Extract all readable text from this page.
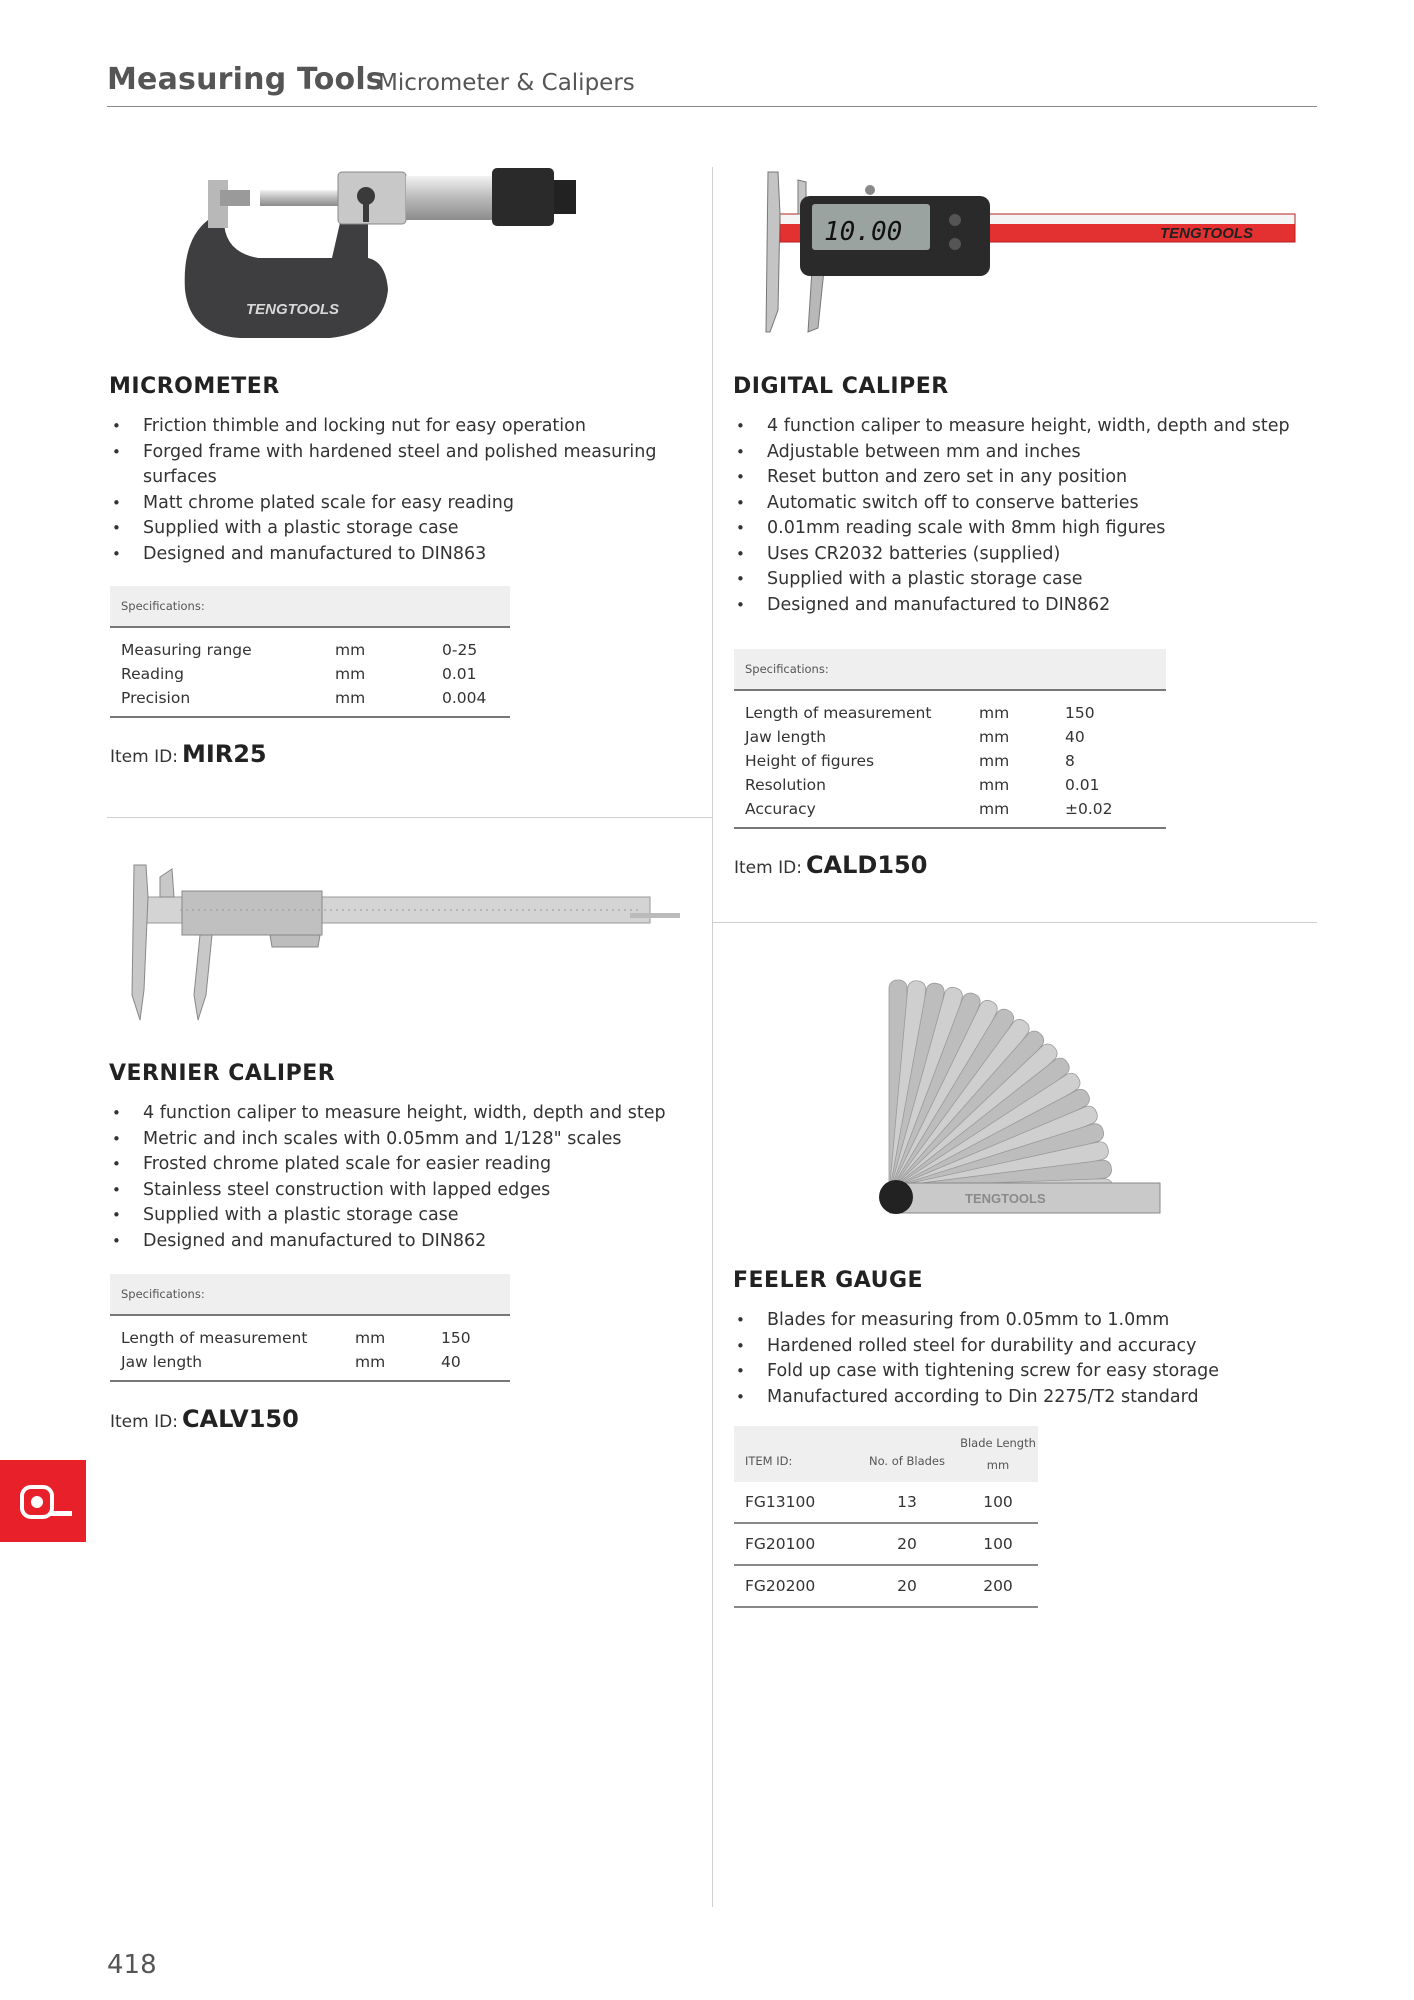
Measuring Tools
Micrometer & Calipers
TENGTOOLS
MICROMETER
• Friction thimble and locking nut for easy operation
• Forged frame with hardened steel and polished measuring surfaces
• Matt chrome plated scale for easy reading
• Supplied with a plastic storage case
• Designed and manufactured to DIN863
Specifications:		
Measuring range	mm	0-25
Reading	mm	0.01
Precision	mm	0.004
Item ID: MIR25
TENGTOOLS
10.00
DIGITAL CALIPER
• 4 function caliper to measure height, width, depth and step
• Adjustable between mm and inches
• Reset button and zero set in any position
• Automatic switch off to conserve batteries
• 0.01mm reading scale with 8mm high figures
• Uses CR2032 batteries (supplied)
• Supplied with a plastic storage case
• Designed and manufactured to DIN862
Specifications:		
Length of measurement	mm	150
Jaw length	mm	40
Height of figures	mm	8
Resolution	mm	0.01
Accuracy	mm	±0.02
Item ID: CALD150
VERNIER CALIPER
• 4 function caliper to measure height, width, depth and step
• Metric and inch scales with 0.05mm and 1/128" scales
• Frosted chrome plated scale for easier reading
• Stainless steel construction with lapped edges
• Supplied with a plastic storage case
• Designed and manufactured to DIN862
Specifications:		
Length of measurement	mm	150
Jaw length	mm	40
Item ID: CALV150
TENGTOOLS
FEELER GAUGE
• Blades for measuring from 0.05mm to 1.0mm
• Hardened rolled steel for durability and accuracy
• Fold up case with tightening screw for easy storage
• Manufactured according to Din 2275/T2 standard
ITEM ID:	No. of Blades	Blade Length
mm

FG13100	13	100
FG20100	20	100
FG20200	20	200
418
